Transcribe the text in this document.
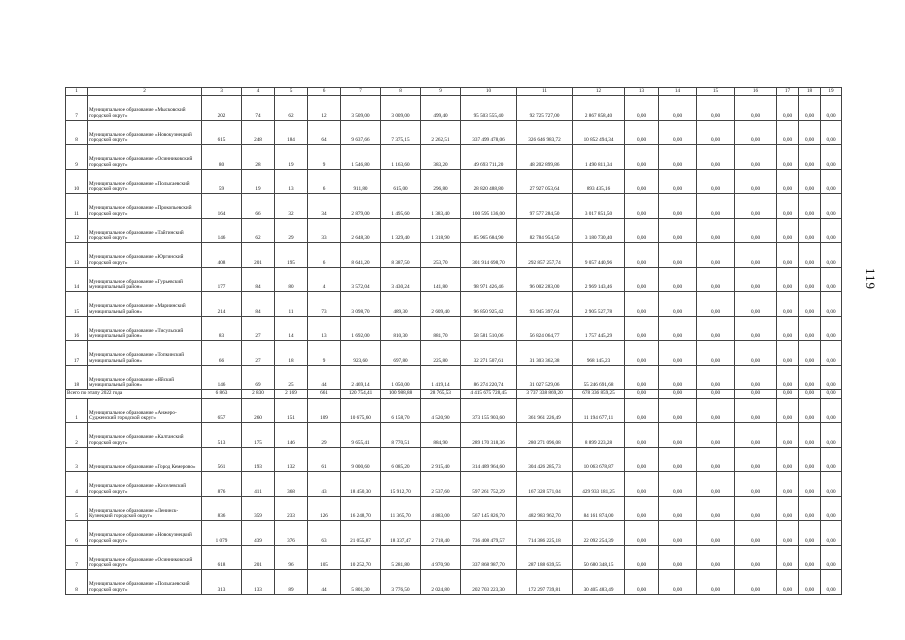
1	2	3	4	5	6	7	8	9	10	11	12	13	14	15	16	17	18	19
7	Муниципальное образование «Мысковский городской округ»	202	74	62	12	3 509,00	3 009,00	499,40	95 503 555,40	92 725 727,00	2 867 858,40	0,00	0,00	0,00	0,00	0,00	0,00	0,00
8	Муниципальное образование «Новокузнецкий городской округ»	615	248	184	64	9 637,66	7 375,15	2 262,51	337 499 478,06	326 646 983,72	10 852 494,34	0,00	0,00	0,00	0,00	0,00	0,00	0,00
9	Муниципальное образование «Осинниковский городской округ»	80	28	19	9	1 546,80	1 163,60	383,20	49 693 711,20	48 202 899,86	1 490 811,34	0,00	0,00	0,00	0,00	0,00	0,00	0,00
10	Муниципальное образование «Полысаевский городской округ»	59	19	13	6	911,80	615,00	296,80	28 820 488,80	27 927 053,64	893 435,16	0,00	0,00	0,00	0,00	0,00	0,00	0,00
11	Муниципальное образование «Прокопьевский городской округ»	164	66	32	34	2 879,00	1 495,60	1 383,40	100 595 136,00	97 577 284,50	3 017 851,50	0,00	0,00	0,00	0,00	0,00	0,00	0,00
12	Муниципальное образование «Тайгинский городской округ»	146	62	29	33	2 648,30	1 329,40	1 318,90	85 965 684,90	82 784 954,50	3 180 730,40	0,00	0,00	0,00	0,00	0,00	0,00	0,00
13	Муниципальное образование «Юргинский городской округ»	408	201	195	6	8 641,20	8 387,50	253,70	301 914 698,70	292 857 257,74	9 057 440,96	0,00	0,00	0,00	0,00	0,00	0,00	0,00
14	Муниципальное образование «Гурьевский муниципальный район»	177	84	80	4	3 572,04	3 430,24	141,80	98 971 426,46	96 002 283,00	2 969 143,46	0,00	0,00	0,00	0,00	0,00	0,00	0,00
15	Муниципальное образование «Мариинский муниципальный район»	214	84	11	73	3 098,70	489,30	2 609,40	96 850 925,42	93 945 397,64	2 905 527,78	0,00	0,00	0,00	0,00	0,00	0,00	0,00
16	Муниципальное образование «Тисульский муниципальный район»	83	27	14	13	1 692,00	810,30	881,70	58 581 510,06	56 824 064,77	1 757 445,29	0,00	0,00	0,00	0,00	0,00	0,00	0,00
17	Муниципальное образование «Топкинский муниципальный район»	66	27	18	9	923,60	697,80	225,80	32 271 507,61	31 303 362,38	968 145,23	0,00	0,00	0,00	0,00	0,00	0,00	0,00
18	Муниципальное образование «Яйский муниципальный район»	146	69	25	44	2 469,14	1 050,00	1 419,14	86 274 220,74	31 027 529,06	55 246 691,68	0,00	0,00	0,00	0,00	0,00	0,00	0,00
Всего по этапу 2022 года		6 863	2 830	2 169	661	120 754,41	100 988,88	28 765,53	4 415 675 728,45	3 737 338 869,20	678 336 859,25	0,00	0,00	0,00	0,00	0,00	0,00	0,00
1	Муниципальное образование «Анжеро-Судженский городской округ»	657	260	151	109	10 675,60	6 158,70	4 520,90	373 155 903,60	361 961 226,49	11 194 677,11	0,00	0,00	0,00	0,00	0,00	0,00	0,00
2	Муниципальное образование «Калтанский городской округ»	513	175	146	29	9 655,41	8 770,51	884,90	289 170 318,36	280 271 096,08	8 899 223,28	0,00	0,00	0,00	0,00	0,00	0,00	0,00
3	Муниципальное образование «Город Кемерово»	561	193	132	61	9 000,60	6 085,20	2 915,40	314 489 964,60	304 426 285,73	10 063 678,87	0,00	0,00	0,00	0,00	0,00	0,00	0,00
4	Муниципальное образование «Киселевский городской округ»	876	411	368	43	18 450,30	15 912,70	2 537,60	597 261 752,29	167 328 571,04	429 933 181,25	0,00	0,00	0,00	0,00	0,00	0,00	0,00
5	Муниципальное образование «Ленинск-Кузнецкий городской округ»	836	359	233	126	16 248,70	11 365,70	4 883,00	567 145 826,70	482 983 962,70	84 161 874,00	0,00	0,00	0,00	0,00	0,00	0,00	0,00
6	Муниципальное образование «Новокузнецкий городской округ»	1 079	439	376	63	21 055,87	18 337,47	2 718,40	736 408 479,57	714 386 225,18	22 092 254,39	0,00	0,00	0,00	0,00	0,00	0,00	0,00
7	Муниципальное образование «Осинниковский городской округ»	618	201	96	105	10 252,70	5 281,80	4 970,90	337 868 987,70	287 188 639,55	50 680 348,15	0,00	0,00	0,00	0,00	0,00	0,00	0,00
8	Муниципальное образование «Полысаевский городской округ»	313	133	89	44	5 801,30	3 776,50	2 024,80	202 703 223,30	172 297 739,81	30 405 483,49	0,00	0,00	0,00	0,00	0,00	0,00	0,00
119
